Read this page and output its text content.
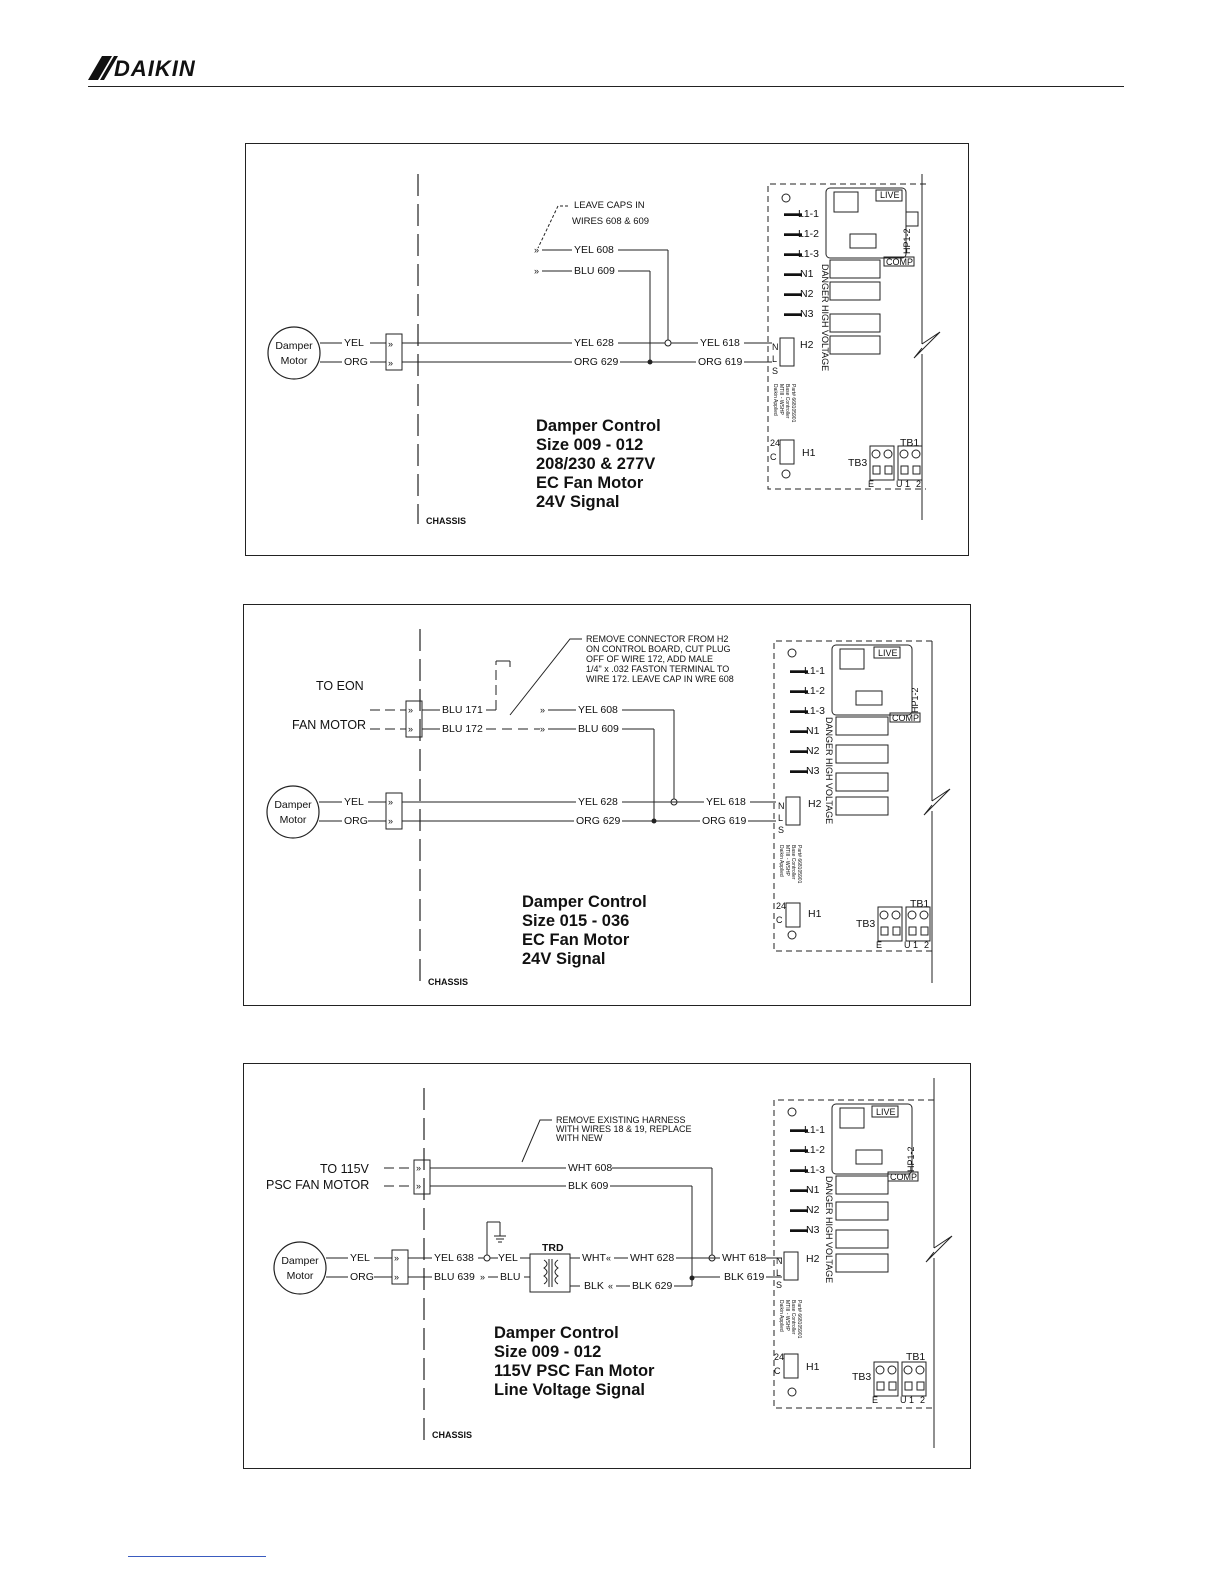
DAIKIN
CHASSIS
Damper
Motor
YEL
ORG
»
»
YEL 628
ORG 629
YEL 618
ORG 619
»	YEL 608
»	BLU 609
LEAVE CAPS IN
WIRES 608 & 609
Damper Control
Size 009 - 012
208/230 & 277V
EC Fan Motor
24V Signal
LIVE
COMP
HP1-2
▬▬
L1-1
▬▬
L1-2
▬▬
L1-3
▬▬
N1
▬▬
N2
▬▬
N3 DANGER HIGH VOLTAGE
N
L
S
H2
Daikin Applied MTIII - WSHP Base Controller Part# 668105901
24
C H1
TB3
TB1
E U 1 2
CHASSIS
Damper
Motor
TO EON
FAN MOTOR
»
»
BLU 171
BLU 172	»	BLU 609
»	YEL 608
REMOVE CONNECTOR FROM H2
ON CONTROL BOARD, CUT PLUG
OFF OF WIRE 172, ADD MALE
1/4" x .032 FASTON TERMINAL TO
WIRE 172. LEAVE CAP IN WRE 608
YEL
ORG
»
»
YEL 628
ORG 629
YEL 618
ORG 619
Damper Control
Size 015 - 036
EC Fan Motor
24V Signal
LIVE
COMP
HP1-2
▬▬
L1-1
▬▬
L1-2
▬▬
L1-3
▬▬
N1
▬▬
N2
▬▬
N3 DANGER HIGH VOLTAGE
N
L
S
H2
Daikin Applied MTIII - WSHP Base Controller Part# 668105901
24
C H1
TB3
TB1
E U 1 2
CHASSIS
Damper
Motor
TO 115V
PSC FAN MOTOR
»
»
WHT 608
BLK 609
REMOVE EXISTING HARNESS
WITH WIRES 18 & 19, REPLACE
WITH NEW
YEL
ORG
»
»
YEL 638
BLU 639
YEL
» BLU
TRD
WHT « WHT 628
BLK « BLK 629
WHT 618
BLK 619
Damper Control
Size 009 - 012
115V PSC Fan Motor
Line Voltage Signal
LIVE
COMP
HP1-2
▬▬
L1-1
▬▬
L1-2
▬▬
L1-3
▬▬
N1
▬▬
N2
▬▬
N3 DANGER HIGH VOLTAGE
N
L
S
H2
Daikin Applied MTIII - WSHP Base Controller Part# 668105901
24
C H1
TB3
TB1
E U 1 2
